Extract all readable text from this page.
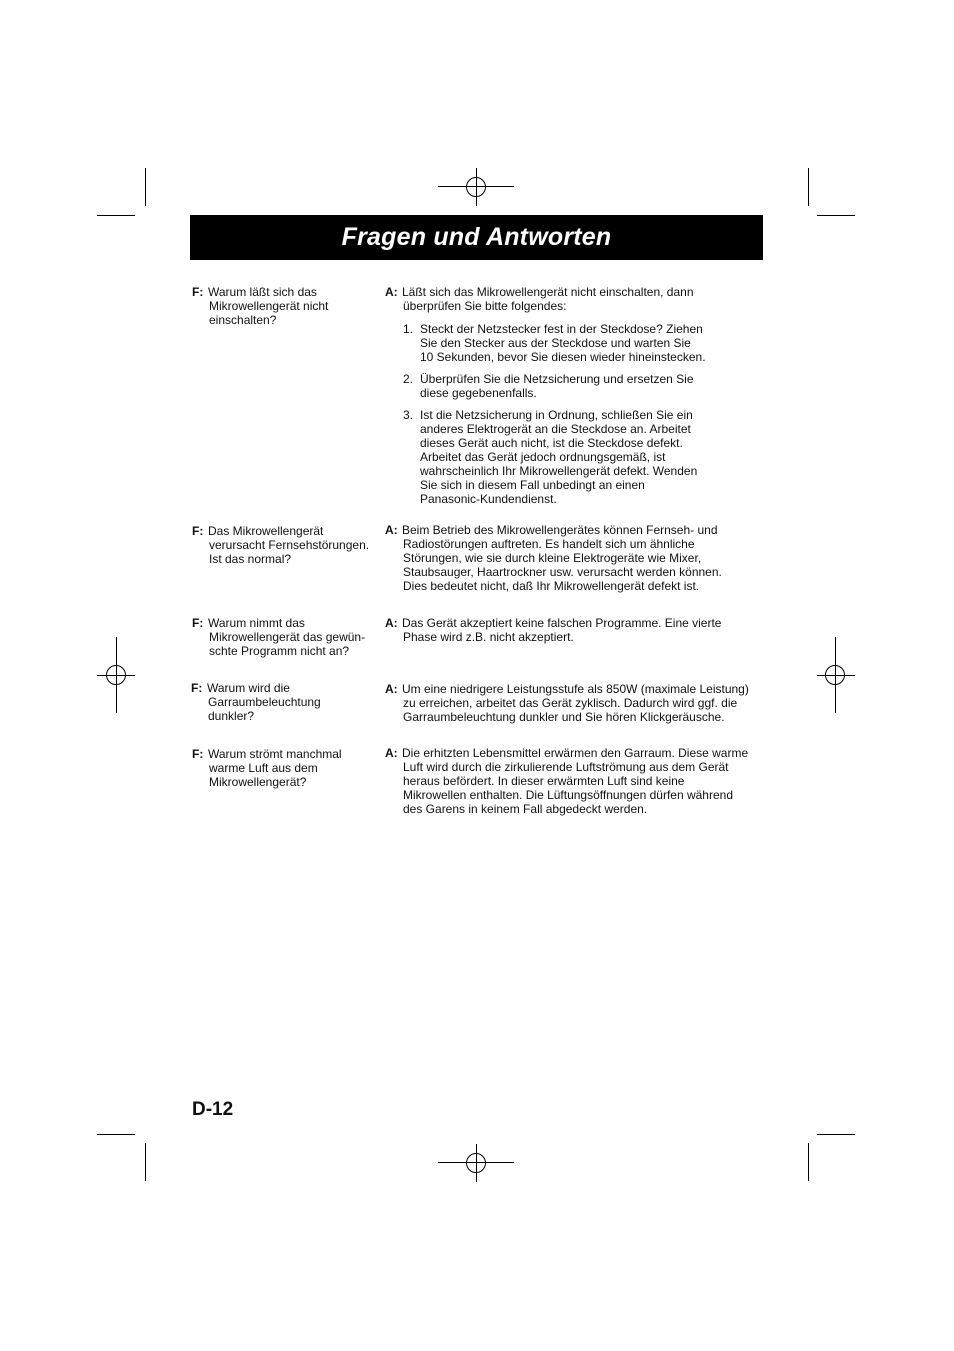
Fragen und Antworten

F: Warum läßt sich das

Mikrowellengerät nicht

einschalten?

A: Läßt sich das Mikrowellengerät nicht einschalten, dann

überprüfen Sie bitte folgendes:

1. Steckt der Netzstecker fest in der Steckdose? Ziehen
Sie den Stecker aus der Steckdose und warten Sie
10 Sekunden, bevor Sie diesen wieder hineinstecken.
2. Überprüfen Sie die Netzsicherung und ersetzen Sie
diese gegebenenfalls.
3. Ist die Netzsicherung in Ordnung, schließen Sie ein
anderes Elektrogerät an die Steckdose an. Arbeitet
dieses Gerät auch nicht, ist die Steckdose defekt.
Arbeitet das Gerät jedoch ordnungsgemäß, ist
wahrscheinlich Ihr Mikrowellengerät defekt. Wenden
Sie sich in diesem Fall unbedingt an einen
Panasonic-Kundendienst.

F: Das Mikrowellengerät

verursacht Fernsehstörungen.

Ist das normal?

A: Beim Betrieb des Mikrowellengerätes können Fernseh- und

Radiostörungen auftreten. Es handelt sich um ähnliche

Störungen, wie sie durch kleine Elektrogeräte wie Mixer,

Staubsauger, Haartrockner usw. verursacht werden können.

Dies bedeutet nicht, daß Ihr Mikrowellengerät defekt ist.

F: Warum nimmt das

Mikrowellengerät das gewün-

schte Programm nicht an?

A: Das Gerät akzeptiert keine falschen Programme. Eine vierte

Phase wird z.B. nicht akzeptiert.

F: Warum wird die

Garraumbeleuchtung

dunkler?

A: Um eine niedrigere Leistungsstufe als 850W (maximale Leistung)

zu erreichen, arbeitet das Gerät zyklisch. Dadurch wird ggf. die

Garraumbeleuchtung dunkler und Sie hören Klickgeräusche.

F: Warum strömt manchmal

warme Luft aus dem

Mikrowellengerät?

A: Die erhitzten Lebensmittel erwärmen den Garraum. Diese warme

Luft wird durch die zirkulierende Luftströmung aus dem Gerät

heraus befördert. In dieser erwärmten Luft sind keine

Mikrowellen enthalten. Die Lüftungsöffnungen dürfen während

des Garens in keinem Fall abgedeckt werden.

D-12
